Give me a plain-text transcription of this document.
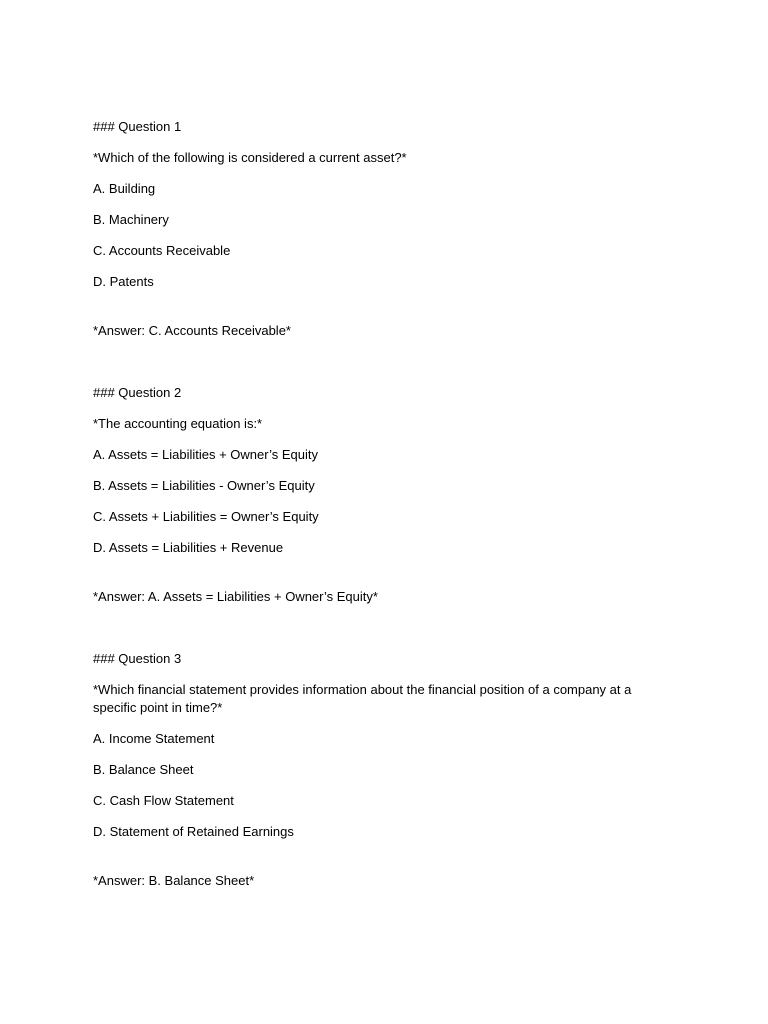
### Question 1

*Which of the following is considered a current asset?*

A. Building

B. Machinery

C. Accounts Receivable

D. Patents

*Answer: C. Accounts Receivable*

### Question 2

*The accounting equation is:*

A. Assets = Liabilities + Owner’s Equity

B. Assets = Liabilities - Owner’s Equity

C. Assets + Liabilities = Owner’s Equity

D. Assets = Liabilities + Revenue

*Answer: A. Assets = Liabilities + Owner’s Equity*

### Question 3

*Which financial statement provides information about the financial position of a company at a specific point in time?*

A. Income Statement

B. Balance Sheet

C. Cash Flow Statement

D. Statement of Retained Earnings

*Answer: B. Balance Sheet*
